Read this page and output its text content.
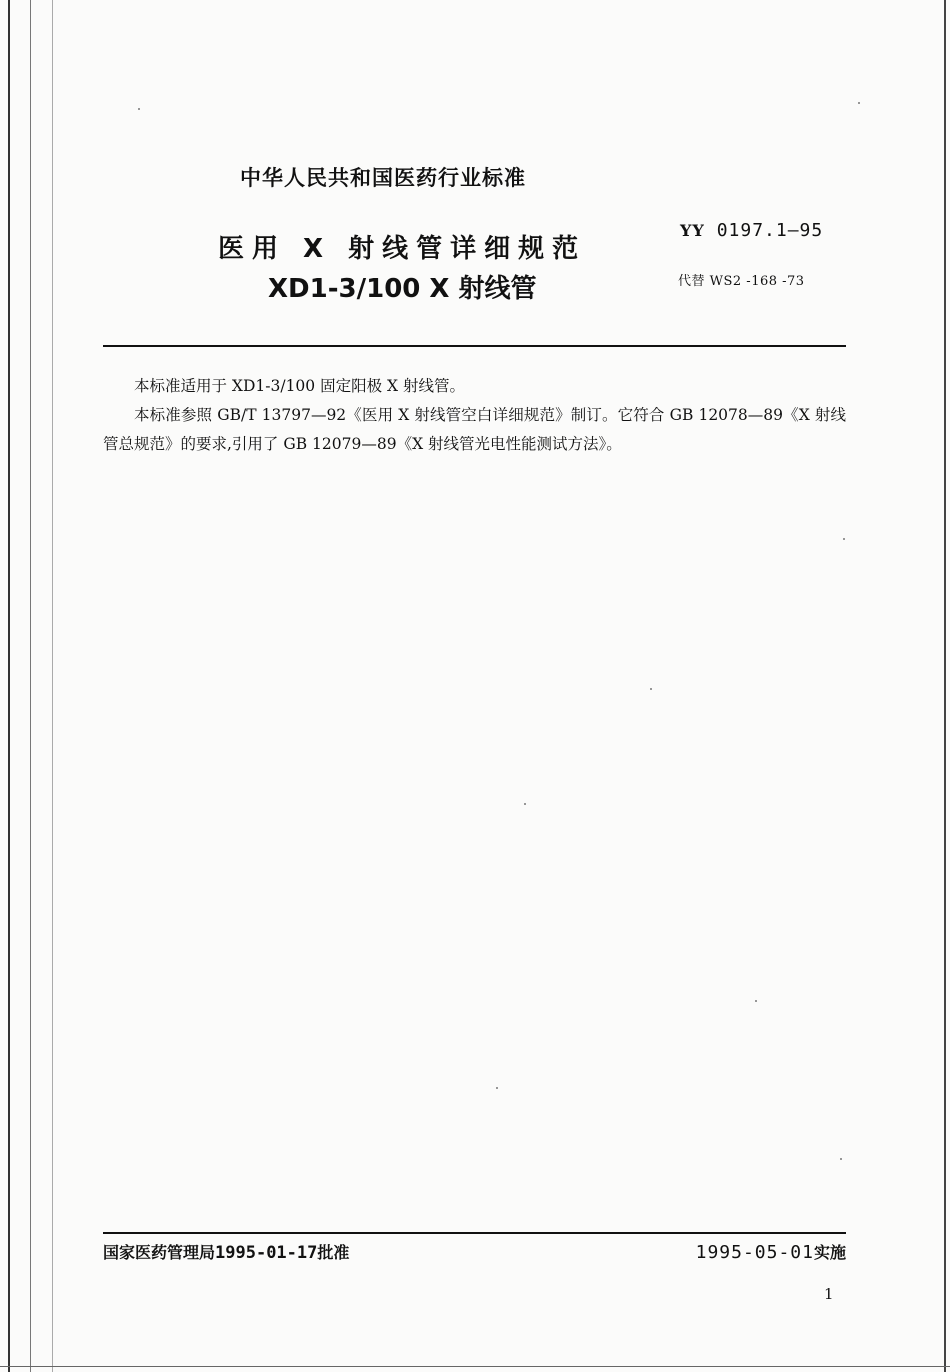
中华人民共和国医药行业标准
医用 X 射线管详细规范
XD1-3/100 X 射线管
YY 0197.1—95
代替 WS2 -168 -73

本标准适用于 XD1-3/100 固定阳极 X 射线管。

本标准参照 GB/T 13797—92《医用 X 射线管空白详细规范》制订。它符合 GB 12078—89《X 射线管总规范》的要求,引用了 GB 12079—89《X 射线管光电性能测试方法》。

国家医药管理局1995-01-17批准	1995-05-01实施
1
